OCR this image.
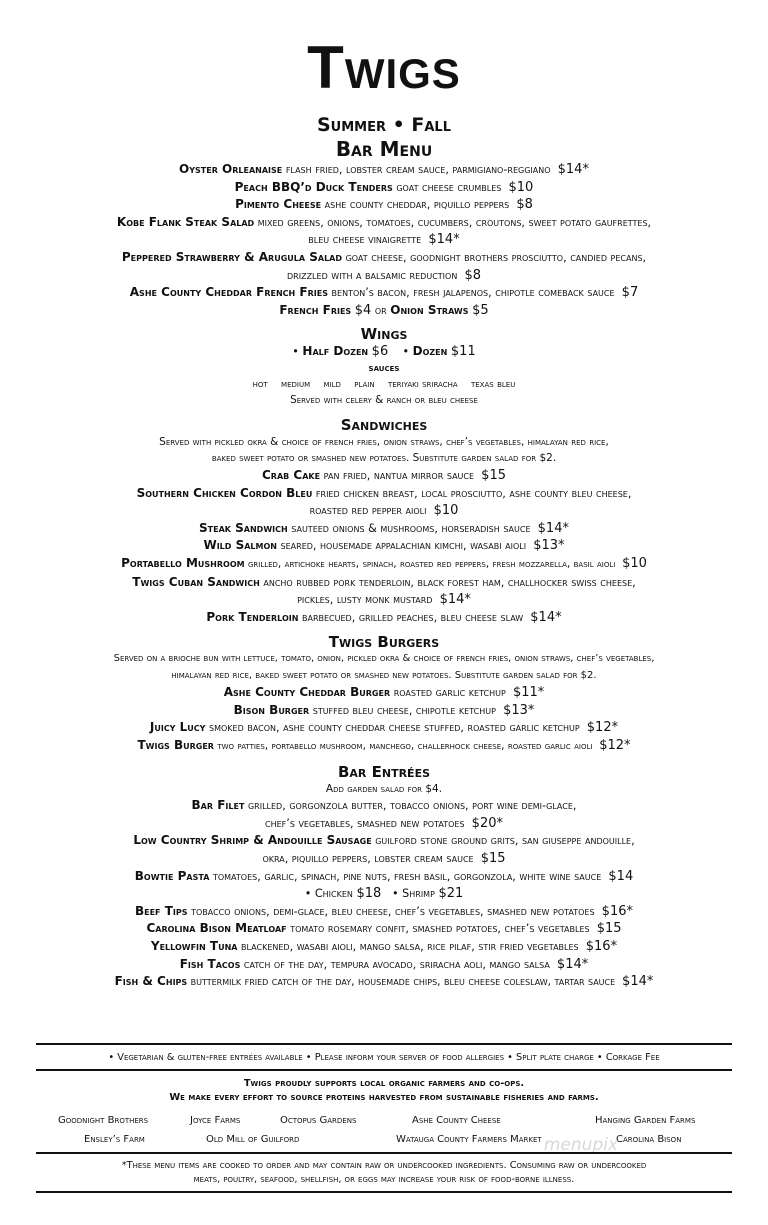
Twigs
Summer • Fall
Bar Menu
Oyster Orleanaise flash fried, lobster cream sauce, parmigiano-reggiano $14*
Peach BBQ’d Duck Tenders goat cheese crumbles $10
Pimento Cheese ashe county cheddar, piquillo peppers $8
Kobe Flank Steak Salad mixed greens, onions, tomatoes, cucumbers, croutons, sweet potato gaufrettes,
bleu cheese vinaigrette $14*
Peppered Strawberry & Arugula Salad goat cheese, goodnight brothers prosciutto, candied pecans,
drizzled with a balsamic reduction $8
Ashe County Cheddar French Fries benton’s bacon, fresh jalapenos, chipotle comeback sauce $7
French Fries $4 or Onion Straws $5
Wings
• Half Dozen $6    • Dozen $11
sauces
hot    medium    mild    plain    teriyaki sriracha    texas bleu
Served with celery & ranch or bleu cheese
Sandwiches
Served with pickled okra & choice of french fries, onion straws, chef’s vegetables, himalayan red rice,
baked sweet potato or smashed new potatoes. Substitute garden salad for $2.
Crab Cake pan fried, nantua mirror sauce $15
Southern Chicken Cordon Bleu fried chicken breast, local prosciutto, ashe county bleu cheese,
roasted red pepper aioli $10
Steak Sandwich sauteed onions & mushrooms, horseradish sauce $14*
Wild Salmon seared, housemade appalachian kimchi, wasabi aioli $13*
Portabello Mushroom grilled, artichoke hearts, spinach, roasted red peppers, fresh mozzarella, basil aioli $10
Twigs Cuban Sandwich ancho rubbed pork tenderloin, black forest ham, challhocker swiss cheese,
pickles, lusty monk mustard $14*
Pork Tenderloin barbecued, grilled peaches, bleu cheese slaw $14*
Twigs Burgers
Served on a brioche bun with lettuce, tomato, onion, pickled okra & choice of french fries, onion straws, chef’s vegetables,
himalayan red rice, baked sweet potato or smashed new potatoes. Substitute garden salad for $2.
Ashe County Cheddar Burger roasted garlic ketchup $11*
Bison Burger stuffed bleu cheese, chipotle ketchup $13*
Juicy Lucy smoked bacon, ashe county cheddar cheese stuffed, roasted garlic ketchup $12*
Twigs Burger two patties, portabello mushroom, manchego, challerhock cheese, roasted garlic aioli $12*
Bar Entrées
Add garden salad for $4.
Bar Filet grilled, gorgonzola butter, tobacco onions, port wine demi-glace,
chef’s vegetables, smashed new potatoes $20*
Low Country Shrimp & Andouille Sausage guilford stone ground grits, san giuseppe andouille,
okra, piquillo peppers, lobster cream sauce $15
Bowtie Pasta tomatoes, garlic, spinach, pine nuts, fresh basil, gorgonzola, white wine sauce $14
• Chicken $18   • Shrimp $21
Beef Tips tobacco onions, demi-glace, bleu cheese, chef’s vegetables, smashed new potatoes $16*
Carolina Bison Meatloaf tomato rosemary confit, smashed potatoes, chef’s vegetables $15
Yellowfin Tuna blackened, wasabi aioli, mango salsa, rice pilaf, stir fried vegetables $16*
Fish Tacos catch of the day, tempura avocado, sriracha aoli, mango salsa $14*
Fish & Chips buttermilk fried catch of the day, housemade chips, bleu cheese coleslaw, tartar sauce $14*
• Vegetarian & gluten-free entrées available • Please inform your server of food allergies • Split plate charge • Corkage Fee
Twigs proudly supports local organic farmers and co-ops.
We make every effort to source proteins harvested from sustainable fisheries and farms.
Goodnight Brothers	Joyce Farms	Octopus Gardens	Ashe County Cheese	Hanging Garden Farms
Ensley’s Farm	Old Mill of Guilford	Watauga County Farmers Market	Carolina Bison
menupix
*These menu items are cooked to order and may contain raw or undercooked ingredients. Consuming raw or undercooked
meats, poultry, seafood, shellfish, or eggs may increase your risk of food-borne illness.
